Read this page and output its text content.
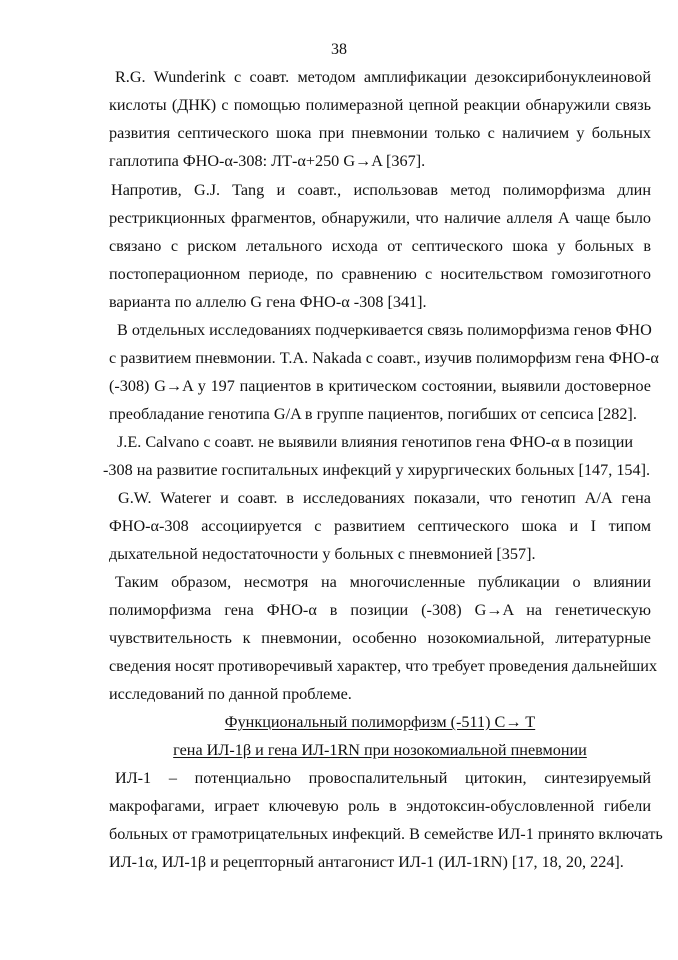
38
R.G. Wunderink с соавт. методом амплификации дезоксирибонуклеиновой
кислоты (ДНК) с помощью полимеразной цепной реакции обнаружили связь
развития септического шока при пневмонии только с наличием у больных
гаплотипа ФНО-α-308: ЛТ-α+250 G→A [367].
Напротив, G.J. Tang и соавт., использовав метод полиморфизма длин
рестрикционных фрагментов, обнаружили, что наличие аллеля А чаще было
связано с риском летального исхода от септического шока у больных в
постоперационном периоде, по сравнению с носительством гомозиготного
варианта по аллелю G гена ФНО-α -308 [341].
В отдельных исследованиях подчеркивается связь полиморфизма генов ФНО
с развитием пневмонии. T.A. Nakada с соавт., изучив полиморфизм гена ФНО-α
(-308) G→A у 197 пациентов в критическом состоянии, выявили достоверное
преобладание генотипа G/A в группе пациентов, погибших от сепсиса [282].
J.E. Calvano с соавт. не выявили влияния генотипов гена ФНО-α в позиции
-308 на развитие госпитальных инфекций у хирургических больных [147, 154].
G.W. Waterer и соавт. в исследованиях показали, что генотип А/А гена
ФНО-α-308 ассоциируется с развитием септического шока и I типом
дыхательной недостаточности у больных с пневмонией [357].
Таким образом, несмотря на многочисленные публикации о влиянии
полиморфизма гена ФНО-α в позиции (-308) G→A на генетическую
чувствительность к пневмонии, особенно нозокомиальной, литературные
сведения носят противоречивый характер, что требует проведения дальнейших
исследований по данной проблеме.
Функциональный полиморфизм (-511) C→ T
гена ИЛ-1β и гена ИЛ-1RN при нозокомиальной пневмонии
ИЛ-1 – потенциально провоспалительный цитокин, синтезируемый
макрофагами, играет ключевую роль в эндотоксин-обусловленной гибели
больных от грамотрицательных инфекций. В семействе ИЛ-1 принято включать
ИЛ-1α, ИЛ-1β и рецепторный антагонист ИЛ-1 (ИЛ-1RN) [17, 18, 20, 224].
